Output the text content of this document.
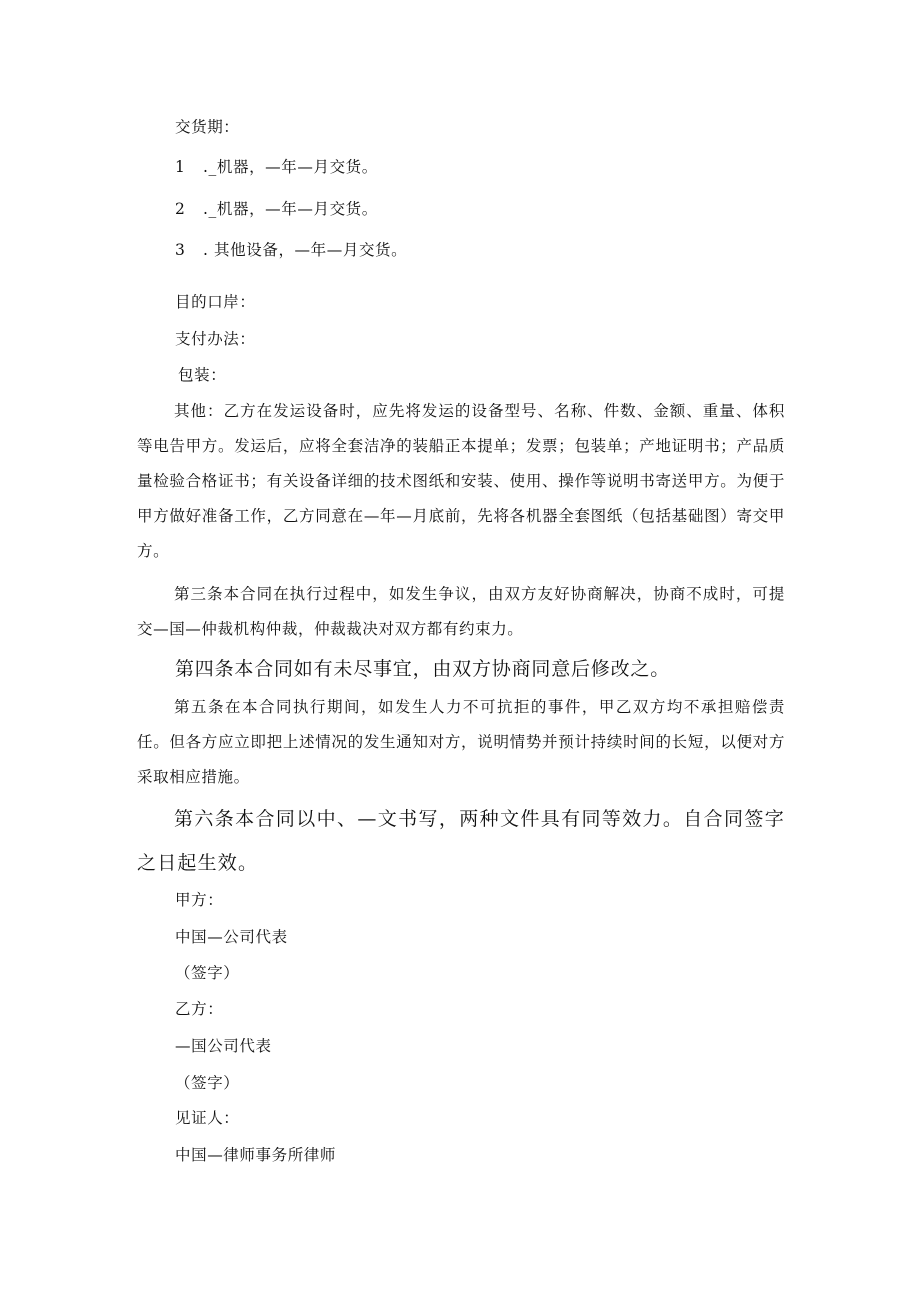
交货期：
1 ._机器，—年—月交货。
2 ._机器，—年—月交货。
3 . 其他设备，—年—月交货。
目的口岸：
支付办法：
包装：
其他：乙方在发运设备时，应先将发运的设备型号、名称、件数、金额、重量、体积等电告甲方。发运后，应将全套洁净的装船正本提单；发票；包装单；产地证明书；产品质量检验合格证书；有关设备详细的技术图纸和安装、使用、操作等说明书寄送甲方。为便于甲方做好准备工作，乙方同意在—年—月底前，先将各机器全套图纸（包括基础图）寄交甲方。
第三条本合同在执行过程中，如发生争议，由双方友好协商解决，协商不成时，可提交—国—仲裁机构仲裁，仲裁裁决对双方都有约束力。
第四条本合同如有未尽事宜，由双方协商同意后修改之。
第五条在本合同执行期间，如发生人力不可抗拒的事件，甲乙双方均不承担赔偿责任。但各方应立即把上述情况的发生通知对方，说明情势并预计持续时间的长短，以便对方采取相应措施。
第六条本合同以中、—文书写，两种文件具有同等效力。自合同签字之日起生效。
甲方：
中国—公司代表
（签字）
乙方：
—国公司代表
（签字）
见证人：
中国—律师事务所律师
